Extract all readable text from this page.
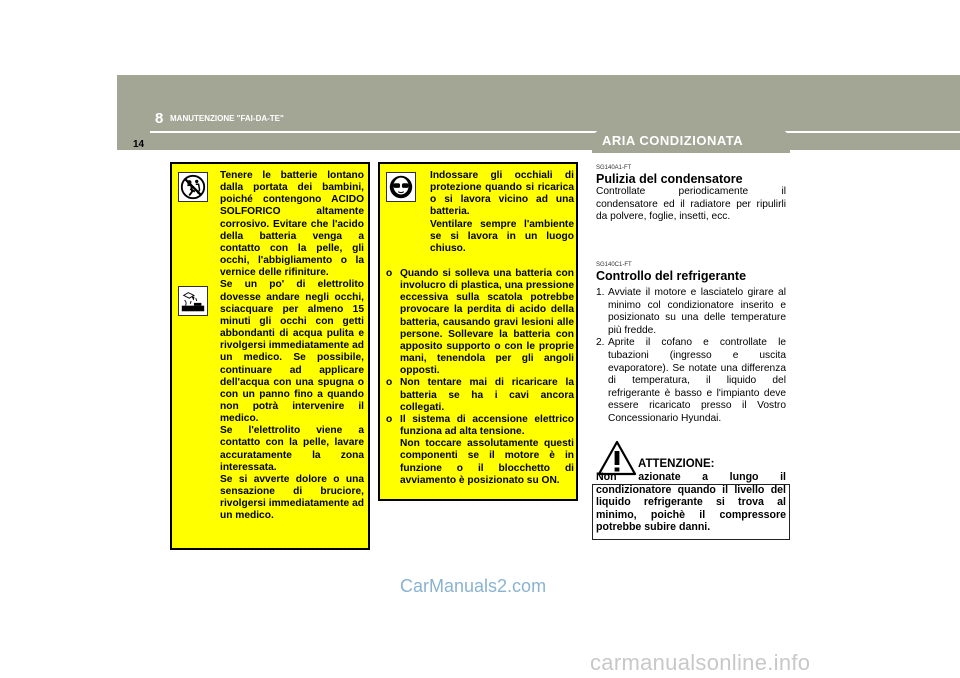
8 MANUTENZIONE "FAI-DA-TE"
14	ARIA CONDIZIONATA

Tenere le batterie lontano dalla portata dei bambini, poiché contengono ACIDO SOLFORICO altamente corrosivo. Evitare che l'acido della batteria venga a contatto con la pelle, gli occhi, l'abbigliamento o la vernice delle rifiniture.

Se un po' di elettrolito dovesse andare negli occhi, sciacquare per almeno 15 minuti gli occhi con getti abbondanti di acqua pulita e rivolgersi immediatamente ad un medico. Se possibile, continuare ad applicare dell'acqua con una spugna o con un panno fino a quando non potrà intervenire il medico.

Se l'elettrolito viene a contatto con la pelle, lavare accuratamente la zona interessata.

Se si avverte dolore o una sensazione di bruciore, rivolgersi immediatamente ad un medico.

Indossare gli occhiali di protezione quando si ricarica o si lavora vicino ad una batteria.

Ventilare sempre l'ambiente se si lavora in un luogo chiuso.

o Quando si solleva una batteria con involucro di plastica, una pressione eccessiva sulla scatola potrebbe provocare la perdita di acido della batteria, causando gravi lesioni alle persone. Sollevare la batteria con apposito supporto o con le proprie mani, tenendola per gli angoli opposti.
o Non tentare mai di ricaricare la batteria se ha i cavi ancora collegati.
o Il sistema di accensione elettrico funziona ad alta tensione.
Non toccare assolutamente questi componenti se il motore è in funzione o il blocchetto di avviamento è posizionato su ON.
SG140A1-FT
Pulizia del condensatore
Controllate periodicamente il condensatore ed il radiatore per ripulirli da polvere, foglie, insetti, ecc.
SG140C1-FT
Controllo del refrigerante
1. Avviate il motore e lasciatelo girare al minimo col condizionatore inserito e posizionato su una delle temperature più fredde.
2. Aprite il cofano e controllate le tubazioni (ingresso e uscita evaporatore). Se notate una differenza di temperatura, il liquido del refrigerante è basso e l'impianto deve essere ricaricato presso il Vostro Concessionario Hyundai.
ATTENZIONE:
Non azionate a lungo il condizionatore quando il livello del liquido refrigerante si trova al minimo, poichè il compressore potrebbe subire danni.
CarManuals2.com
carmanualsonline.info
